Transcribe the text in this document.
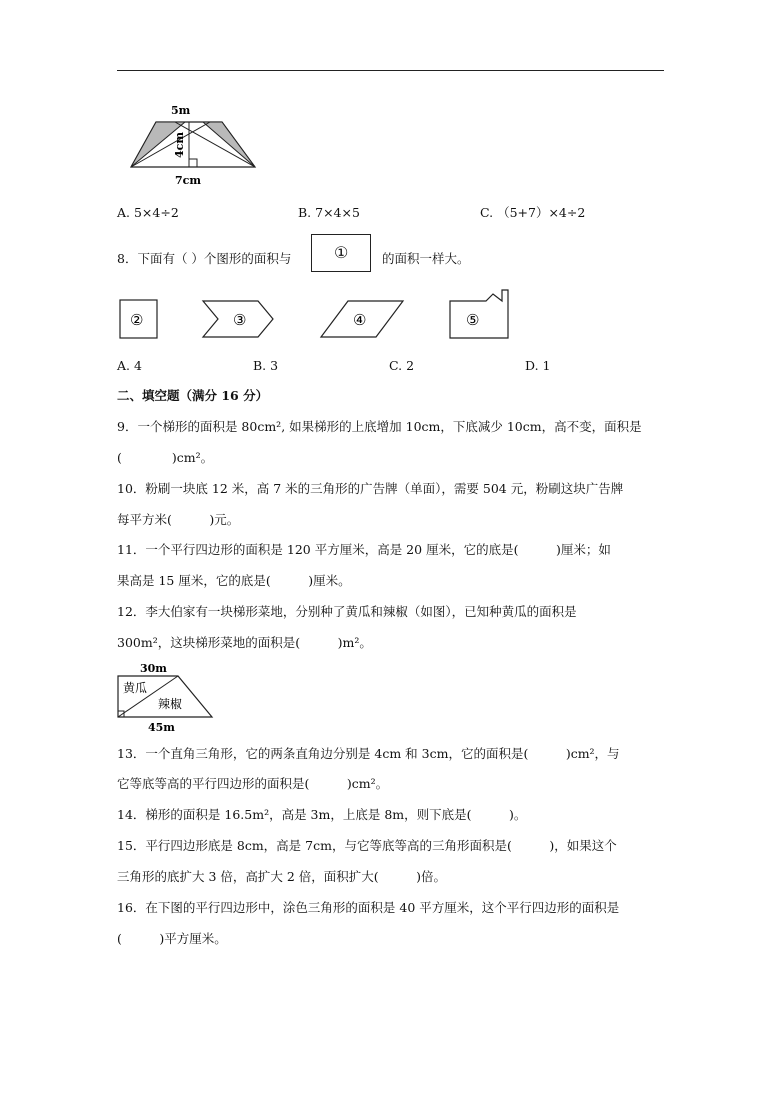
5m
4cm
7cm
A. 5×4÷2	B. 7×4×5	C. （5+7）×4÷2
8．下面有（ ）个图形的面积与	①	的面积一样大。
②	③	④	⑤
A. 4	B. 3	C. 2	D. 1
二、填空题（满分 16 分）
9．一个梯形的面积是 80cm², 如果梯形的上底增加 10cm，下底减少 10cm，高不变，面积是
(　　　　)cm²。
10．粉刷一块底 12 米，高 7 米的三角形的广告牌（单面），需要 504 元，粉刷这块广告牌
每平方米(　　　)元。
11．一个平行四边形的面积是 120 平方厘米，高是 20 厘米，它的底是(　　　)厘米；如
果高是 15 厘米，它的底是(　　　)厘米。
12．李大伯家有一块梯形菜地，分别种了黄瓜和辣椒（如图），已知种黄瓜的面积是
300m²，这块梯形菜地的面积是(　　　)m²。
30m
黄瓜
辣椒
45m
13．一个直角三角形，它的两条直角边分别是 4cm 和 3cm，它的面积是(　　　)cm²，与
它等底等高的平行四边形的面积是(　　　)cm²。
14．梯形的面积是 16.5m²，高是 3m，上底是 8m，则下底是(　　　)。
15．平行四边形底是 8cm，高是 7cm，与它等底等高的三角形面积是(　　　)，如果这个
三角形的底扩大 3 倍，高扩大 2 倍，面积扩大(　　　)倍。
16．在下图的平行四边形中，涂色三角形的面积是 40 平方厘米，这个平行四边形的面积是
(　　　)平方厘米。
